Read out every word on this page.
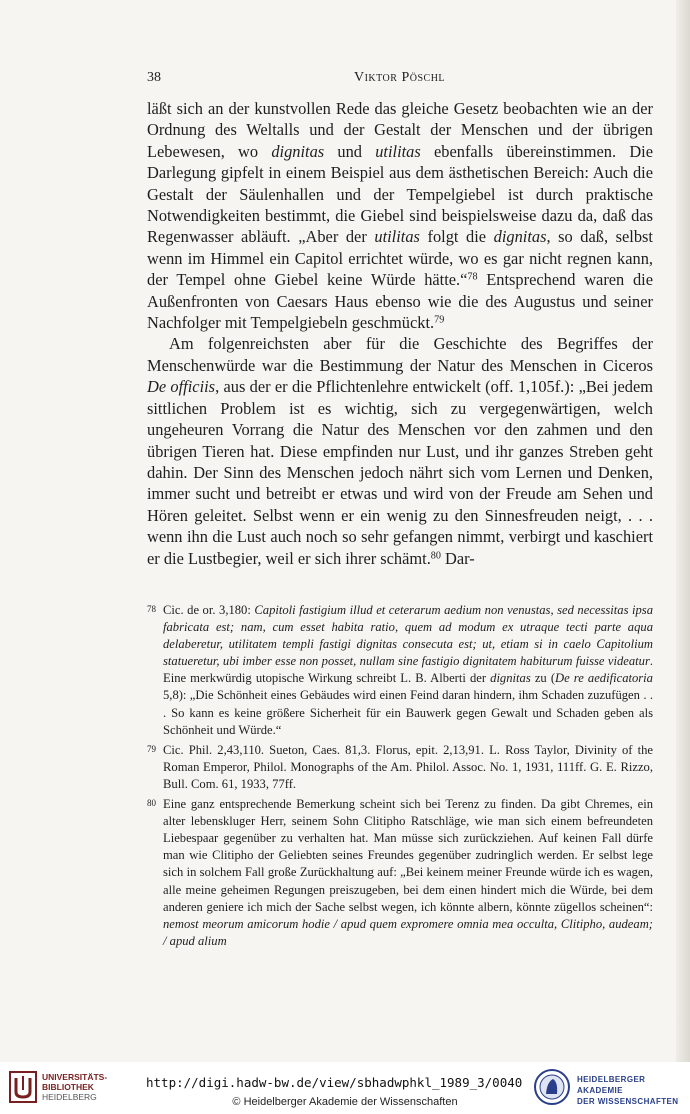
38	Viktor Pöschl

läßt sich an der kunstvollen Rede das gleiche Gesetz beobachten wie an der Ordnung des Weltalls und der Gestalt der Menschen und der übrigen Lebewesen, wo dignitas und utilitas ebenfalls übereinstimmen. Die Darlegung gipfelt in einem Beispiel aus dem ästhetischen Bereich: Auch die Gestalt der Säulenhallen und der Tempelgiebel ist durch praktische Notwendigkeiten bestimmt, die Giebel sind beispielsweise dazu da, daß das Regenwasser abläuft. „Aber der utilitas folgt die dignitas, so daß, selbst wenn im Himmel ein Capitol errichtet würde, wo es gar nicht regnen kann, der Tempel ohne Giebel keine Würde hätte.“$^{78}$ Entsprechend waren die Außenfronten von Caesars Haus ebenso wie die des Augustus und seiner Nachfolger mit Tempelgiebeln geschmückt.$^{79}$

Am folgenreichsten aber für die Geschichte des Begriffes der Menschenwürde war die Bestimmung der Natur des Menschen in Ciceros De officiis, aus der er die Pflichtenlehre entwickelt (off. 1,105f.): „Bei jedem sittlichen Problem ist es wichtig, sich zu vergegenwärtigen, welch ungeheuren Vorrang die Natur des Menschen vor den zahmen und den übrigen Tieren hat. Diese empfinden nur Lust, und ihr ganzes Streben geht dahin. Der Sinn des Menschen jedoch nährt sich vom Lernen und Denken, immer sucht und betreibt er etwas und wird von der Freude am Sehen und Hören geleitet. Selbst wenn er ein wenig zu den Sinnesfreuden neigt, . . . wenn ihn die Lust auch noch so sehr gefangen nimmt, verbirgt und kaschiert er die Lustbegier, weil er sich ihrer schämt.$^{80}$ Dar-

78 Cic. de or. 3,180: Capitoli fastigium illud et ceterarum aedium non venustas, sed necessitas ipsa fabricata est; nam, cum esset habita ratio, quem ad modum ex utraque tecti parte aqua delaberetur, utilitatem templi fastigi dignitas consecuta est; ut, etiam si in caelo Capitolium statueretur, ubi imber esse non posset, nullam sine fastigio dignitatem habiturum fuisse videatur. Eine merkwürdig utopische Wirkung schreibt L. B. Alberti der dignitas zu (De re aedificatoria 5,8): „Die Schönheit eines Gebäudes wird einen Feind daran hindern, ihm Schaden zuzufügen . . . So kann es keine größere Sicherheit für ein Bauwerk gegen Gewalt und Schaden geben als Schönheit und Würde.“
79 Cic. Phil. 2,43,110. Sueton, Caes. 81,3. Florus, epit. 2,13,91. L. Ross Taylor, Divinity of the Roman Emperor, Philol. Monographs of the Am. Philol. Assoc. No. 1, 1931, 111ff. G. E. Rizzo, Bull. Com. 61, 1933, 77ff.
80 Eine ganz entsprechende Bemerkung scheint sich bei Terenz zu finden. Da gibt Chremes, ein alter lebenskluger Herr, seinem Sohn Clitipho Ratschläge, wie man sich einem befreundeten Liebespaar gegenüber zu verhalten hat. Man müsse sich zurückziehen. Auf keinen Fall dürfe man wie Clitipho der Geliebten seines Freundes gegenüber zudringlich werden. Er selbst lege sich in solchem Fall große Zurückhaltung auf: „Bei keinem meiner Freunde würde ich es wagen, alle meine geheimen Regungen preiszugeben, bei dem einen hindert mich die Würde, bei dem anderen geniere ich mich der Sache selbst wegen, ich könnte albern, könnte zügellos scheinen“: nemost meorum amicorum hodie / apud quem expromere omnia mea occulta, Clitipho, audeam; / apud alium
UNIVERSITÄTS-
BIBLIOTHEK
HEIDELBERG
http://digi.hadw-bw.de/view/sbhadwphkl_1989_3/0040
© Heidelberger Akademie der Wissenschaften
HEIDELBERGER AKADEMIE
DER WISSENSCHAFTEN
